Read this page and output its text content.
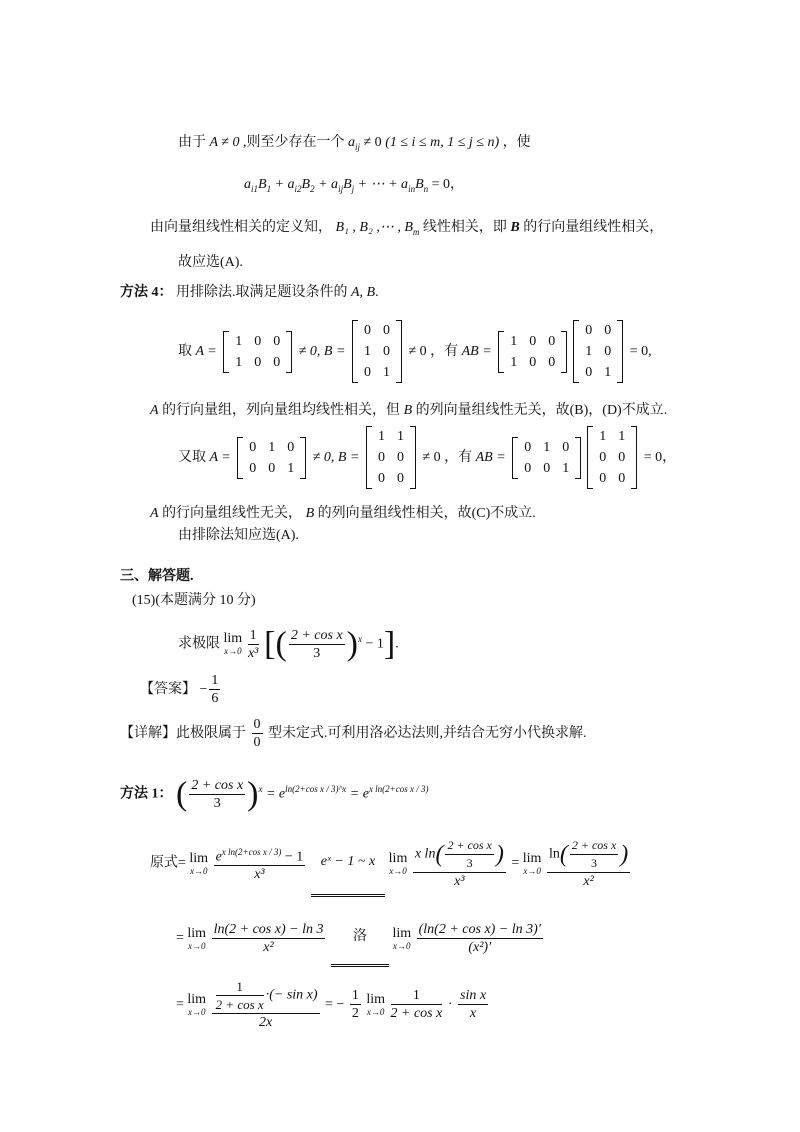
由于 A ≠ 0 ,则至少存在一个 $a_{ij} \ne 0$ (1 ≤ i ≤ m, 1 ≤ j ≤ n) ，使
$a_{i1}B_1 + a_{i2}B_2 + a_{ij}B_j$ + ⋯ + $a_{in}B_n = 0$，
由向量组线性相关的定义知， B₁ , B₂ ,⋯ , $B_m$ 线性相关，即 B 的行向量组线性相关，
故应选(A).
方法 4： 用排除法.取满足题设条件的 A, B.
取 A =
1	0	0
1	0	0
≠ 0, B =
0	0
1	0
0	1
≠ 0 ，有 AB =
1	0	0
1	0	0
0	0
1	0
0	1
= 0,
A 的行向量组，列向量组均线性相关，但 B 的列向量组线性无关，故(B)，(D)不成立.
又取 A =
0	1	0
0	0	1
≠ 0, B =
1	1
0	0
0	0
≠ 0 ，有 AB =
0	1	0
0	0	1
1	1
0	0
0	0
= 0，
A 的行向量组线性无关， B 的列向量组线性相关，故(C)不成立.
由排除法知应选(A).
三、解答题.
(15)(本题满分 10 分)
求极限 lim
x→0
$\frac{1}{\text{x³}}$ [( $\frac{\text{2 + cos x}}{3} )^x - 1$].
【答案】 − $\frac{1}{6}$
【详解】此极限属于 $\frac{0}{0}$ 型未定式.可利用洛必达法则,并结合无穷小代换求解.
方法 1： ( $\frac{\text{2 + cos x}}{3} )^x = e^{ln(2+cos x / 3)\^{}x} = e^{x ln(2+cos x / 3)}$
原式= lim
x→0
$\frac{e^{x ln(2+cos x / 3)} - 1}{\text{x³}}$ eˣ − 1 ~ x lim
x→0
$\frac{x \ln( \frac{\text{2 + cos x}}{3} )}{\text{x³}} = \lim$
x→0
$\frac{\ln( \frac{\text{2 + cos x}}{3} )}{\text{x²}}$
= lim
x→0
$\frac{\text{ln(2 + cos x) − ln 3}}{\text{x²}}$ 洛 lim
x→0
$\frac{\text{(ln(2 + cos x) − ln 3)′}}{\text{(x²)′}}$
= lim
x→0
$\frac{\frac{1}{\text{2 + cos x}} \cdot(- \sin x)}{2x}$ = − $\frac{1}{2}$ lim
x→0
$\frac{1}{\text{2 + cos x}} \cdot \frac{\text{sin x}}{x}$
